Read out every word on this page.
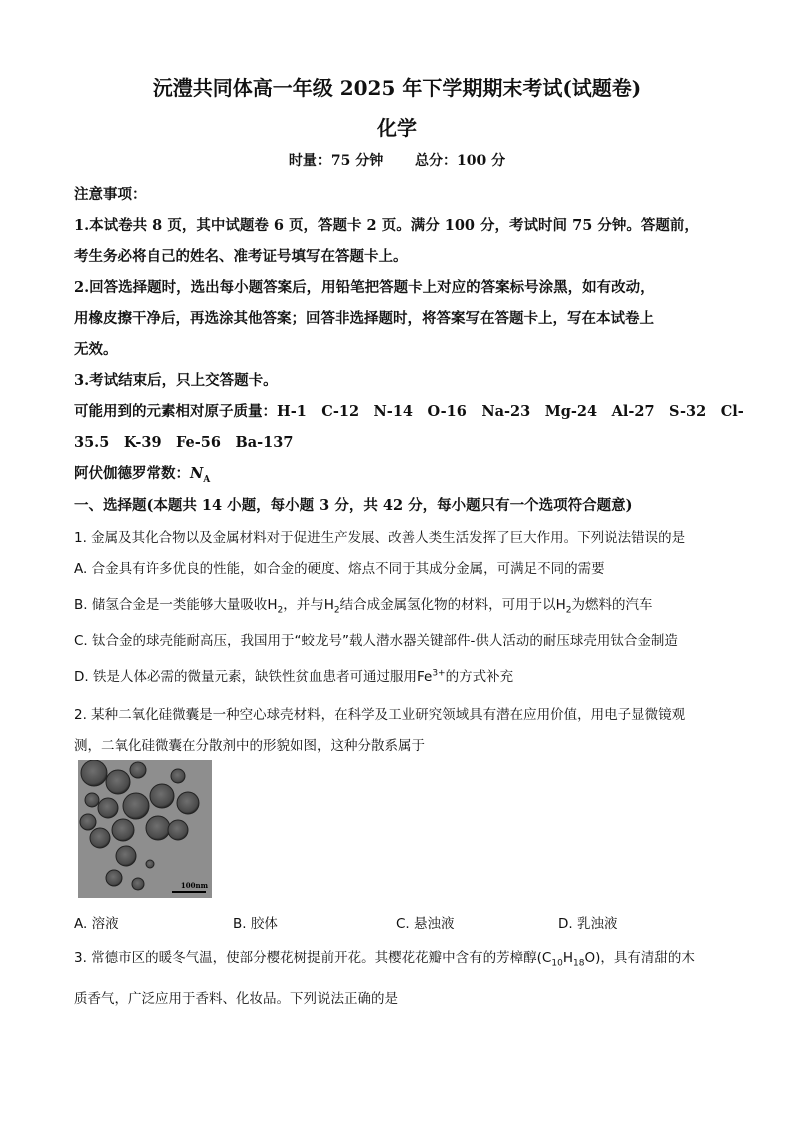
沅澧共同体高一年级 2025 年下学期期末考试(试题卷)
化学
时量：75 分钟 总分：100 分
注意事项：
1.本试卷共 8 页，其中试题卷 6 页，答题卡 2 页。满分 100 分，考试时间 75 分钟。答题前，
考生务必将自己的姓名、准考证号填写在答题卡上。
2.回答选择题时，选出每小题答案后，用铅笔把答题卡上对应的答案标号涂黑，如有改动，
用橡皮擦干净后，再选涂其他答案；回答非选择题时，将答案写在答题卡上，写在本试卷上
无效。
3.考试结束后，只上交答题卡。
可能用到的元素相对原子质量：H-1　C-12　N-14　O-16　Na-23　Mg-24　Al-27　S-32　Cl-
35.5　K-39　Fe-56　Ba-137
阿伏伽德罗常数：$N_A$
一、选择题(本题共 14 小题，每小题 3 分，共 42 分，每小题只有一个选项符合题意)
1. 金属及其化合物以及金属材料对于促进生产发展、改善人类生活发挥了巨大作用。下列说法错误的是
A. 合金具有许多优良的性能，如合金的硬度、熔点不同于其成分金属，可满足不同的需要
B. 储氢合金是一类能够大量吸收$H_2$，并与$H_2$结合成金属氢化物的材料，可用于以$H_2$为燃料的汽车
C. 钛合金的球壳能耐高压，我国用于“蛟龙号”载人潜水器关键部件-供人活动的耐压球壳用钛合金制造
D. 铁是人体必需的微量元素，缺铁性贫血患者可通过服用$Fe^{3+}$的方式补充
2. 某种二氧化硅微囊是一种空心球壳材料，在科学及工业研究领域具有潜在应用价值，用电子显微镜观
测，二氧化硅微囊在分散剂中的形貌如图，这种分散系属于
100nm
A. 溶液	B. 胶体	C. 悬浊液	D. 乳浊液
3. 常德市区的暖冬气温，使部分樱花树提前开花。其樱花花瓣中含有的芳樟醇$(C_{10}H_{18}O)$，具有清甜的木
质香气，广泛应用于香料、化妆品。下列说法正确的是
